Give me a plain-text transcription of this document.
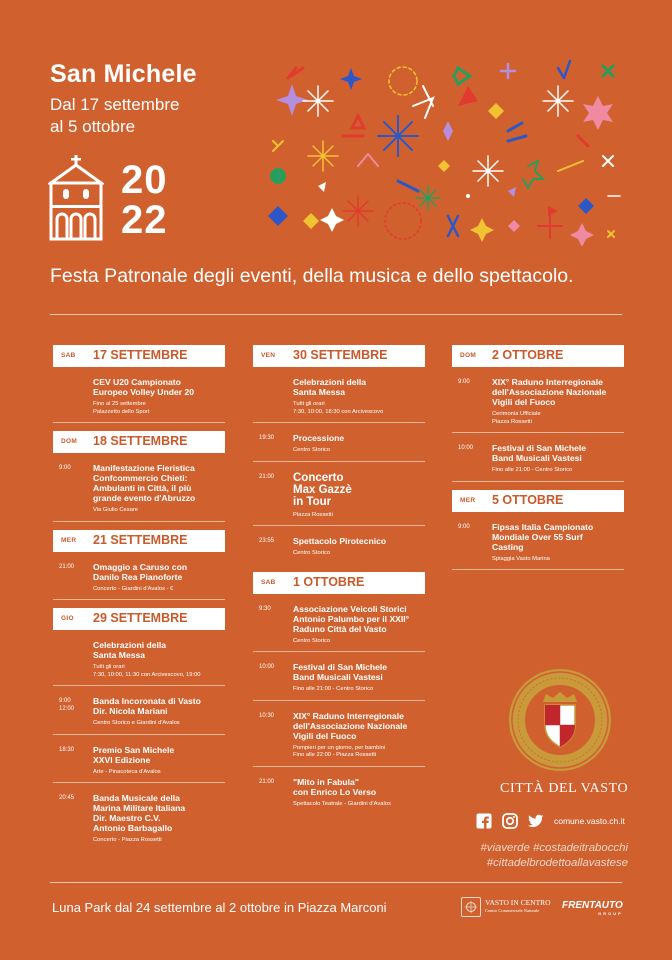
San Michele
Dal 17 settembre
al 5 ottobre
20
22
Festa Patronale degli eventi, della musica e dello spettacolo.
SAB 17 SETTEMBRE
CEV U20 Campionato
Europeo Volley Under 20
Fino al 25 settembre
Palazzetto dello Sport
DOM 18 SETTEMBRE
9:00	Manifestazione Fieristica
Confcommercio Chieti:
Ambulanti in Città, il più
grande evento d'Abruzzo
Via Giulio Cesare
MER 21 SETTEMBRE
21:00 Omaggio a Caruso con
Danilo Rea Pianoforte
Concerto - Giardini d'Avalos - €
GIO 29 SETTEMBRE
Celebrazioni della
Santa Messa
Tutti gli orari
7:30, 10:00, 11:30 con Arcivescovo, 19:00
9:00
12:00
Banda Incoronata di Vasto
Dir. Nicola Mariani
Centro Storico e Giardini d'Avalos
18:30 Premio San Michele
XXVI Edizione
Arte - Pinacoteca d'Avalos
20:45 Banda Musicale della
Marina Militare Italiana
Dir. Maestro C.V.
Antonio Barbagallo
Concerto - Piazza Rossetti
VEN 30 SETTEMBRE
Celebrazioni della
Santa Messa
Tutti gli orari
7:30, 10:00, 18:30 con Arcivescovo
19:30 Processione
Centro Storico
21:00 Concerto
Max Gazzè
in Tour
Piazza Rossetti
23:55 Spettacolo Pirotecnico
Centro Storico
SAB 1 OTTOBRE
9:30	Associazione Veicoli Storici
Antonio Palumbo per il XXII°
Raduno Città del Vasto
Centro Storico
10:00 Festival di San Michele
Band Musicali Vastesi
Fino alle 21:00 - Centro Storico
10:30 XIX° Raduno Interregionale
dell'Associazione Nazionale
Vigili del Fuoco
Pompieri per un giorno, per bambini
Fino alle 22:00 - Piazza Rossetti
21:00 "Mito in Fabula"
con Enrico Lo Verso
Spettacolo Teatrale - Giardini d'Avalos
DOM 2 OTTOBRE
9:00	XIX° Raduno Interregionale
dell'Associazione Nazionale
Vigili del Fuoco
Cerimonia Ufficiale
Piazza Rossetti
10:00 Festival di San Michele
Band Musicali Vastesi
Fino alle 21:00 - Centro Storico
MER 5 OTTOBRE
9:00	Fipsas Italia Campionato
Mondiale Over 55 Surf
Casting
Spiaggia Vasto Marina
CITTÀ DEL VASTO
comune.vasto.ch.it
#viaverde #costadeitrabocchi
#cittadelbrodettoallavastese
Luna Park dal 24 settembre al 2 ottobre in Piazza Marconi	VASTO IN CENTRO
Centro Commerciale Naturale	FRENTAUTO
GROUP
